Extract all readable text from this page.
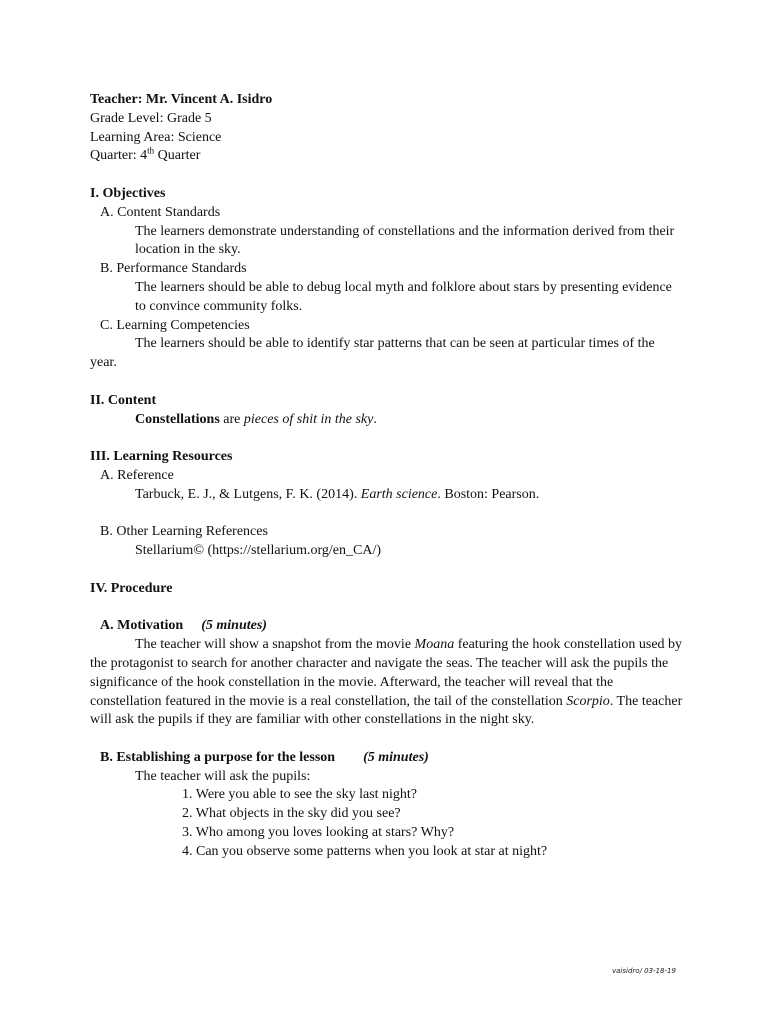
Teacher: Mr. Vincent A. Isidro
Grade Level: Grade 5
Learning Area: Science
Quarter: 4th Quarter
I. Objectives
A. Content Standards
The learners demonstrate understanding of constellations and the information derived from their
location in the sky.
B. Performance Standards
The learners should be able to debug local myth and folklore about stars by presenting evidence
to convince community folks.
C. Learning Competencies
The learners should be able to identify star patterns that can be seen at particular times of the
year.
II. Content
Constellations are pieces of shit in the sky.
III. Learning Resources
A. Reference
Tarbuck, E. J., & Lutgens, F. K. (2014). Earth science. Boston: Pearson.
B. Other Learning References
Stellarium© (https://stellarium.org/en_CA/)
IV. Procedure
A. Motivation (5 minutes)
The teacher will show a snapshot from the movie Moana featuring the hook constellation used by
the protagonist to search for another character and navigate the seas. The teacher will ask the pupils the
significance of the hook constellation in the movie. Afterward, the teacher will reveal that the
constellation featured in the movie is a real constellation, the tail of the constellation Scorpio. The teacher
will ask the pupils if they are familiar with other constellations in the night sky.
B. Establishing a purpose for the lesson (5 minutes)
The teacher will ask the pupils:
1. Were you able to see the sky last night?
2. What objects in the sky did you see?
3. Who among you loves looking at stars? Why?
4. Can you observe some patterns when you look at star at night?
vaisidro/ 03-18-19
